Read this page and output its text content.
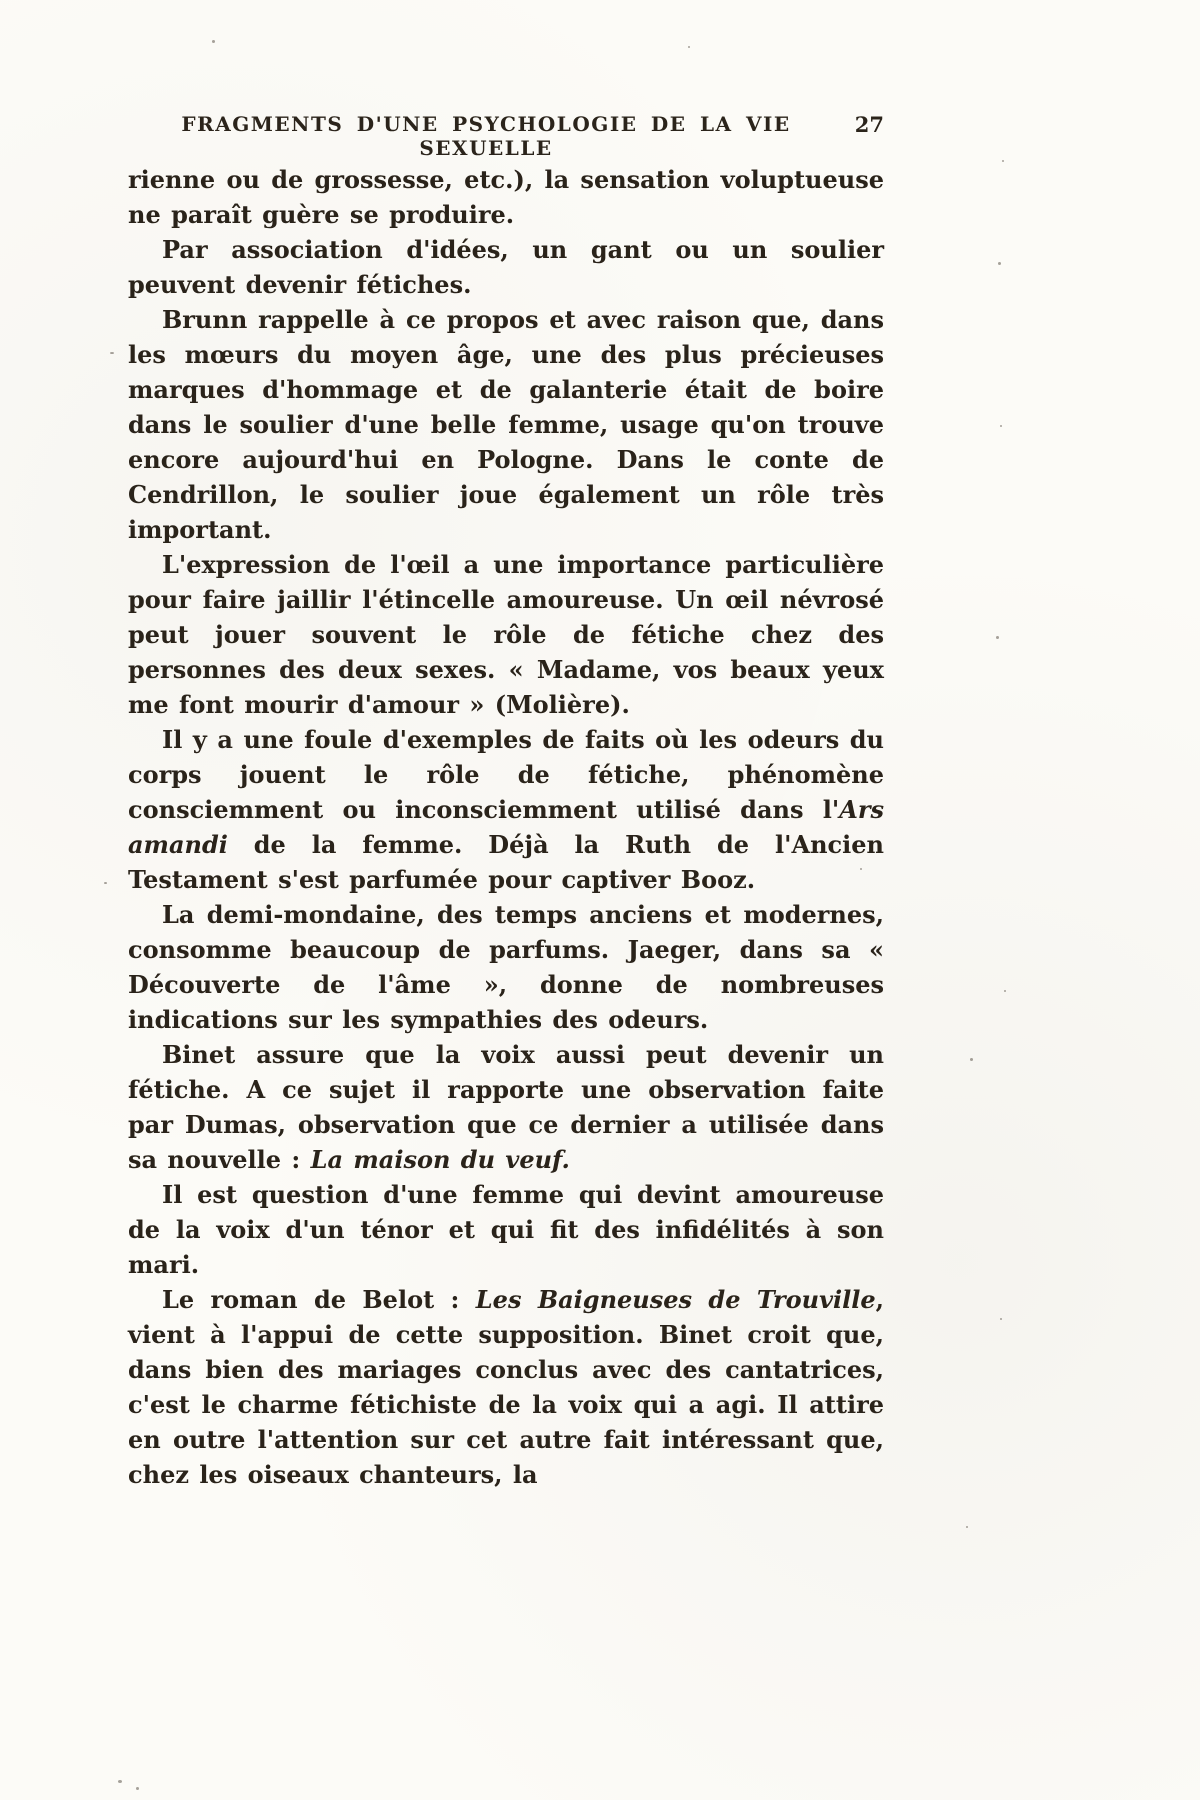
FRAGMENTS D'UNE PSYCHOLOGIE DE LA VIE SEXUELLE
27

rienne ou de grossesse, etc.), la sensation voluptueuse ne paraît guère se produire.

Par association d'idées, un gant ou un soulier peuvent devenir fétiches.

Brunn rappelle à ce propos et avec raison que, dans les mœurs du moyen âge, une des plus précieuses marques d'hommage et de galanterie était de boire dans le soulier d'une belle femme, usage qu'on trouve encore aujourd'hui en Pologne. Dans le conte de Cendrillon, le soulier joue également un rôle très important.

L'expression de l'œil a une importance particulière pour faire jaillir l'étincelle amoureuse. Un œil névrosé peut jouer souvent le rôle de fétiche chez des personnes des deux sexes. « Madame, vos beaux yeux me font mourir d'amour » (Molière).

Il y a une foule d'exemples de faits où les odeurs du corps jouent le rôle de fétiche, phénomène consciemment ou inconsciemment utilisé dans l'Ars amandi de la femme. Déjà la Ruth de l'Ancien Testament s'est parfumée pour captiver Booz.

La demi-mondaine, des temps anciens et modernes, consomme beaucoup de parfums. Jaeger, dans sa « Découverte de l'âme », donne de nombreuses indications sur les sympathies des odeurs.

Binet assure que la voix aussi peut devenir un fétiche. A ce sujet il rapporte une observation faite par Dumas, observation que ce dernier a utilisée dans sa nouvelle : La maison du veuf.

Il est question d'une femme qui devint amoureuse de la voix d'un ténor et qui fit des infidélités à son mari.

Le roman de Belot : Les Baigneuses de Trouville, vient à l'appui de cette supposition. Binet croit que, dans bien des mariages conclus avec des cantatrices, c'est le charme fétichiste de la voix qui a agi. Il attire en outre l'attention sur cet autre fait intéressant que, chez les oiseaux chanteurs, la
